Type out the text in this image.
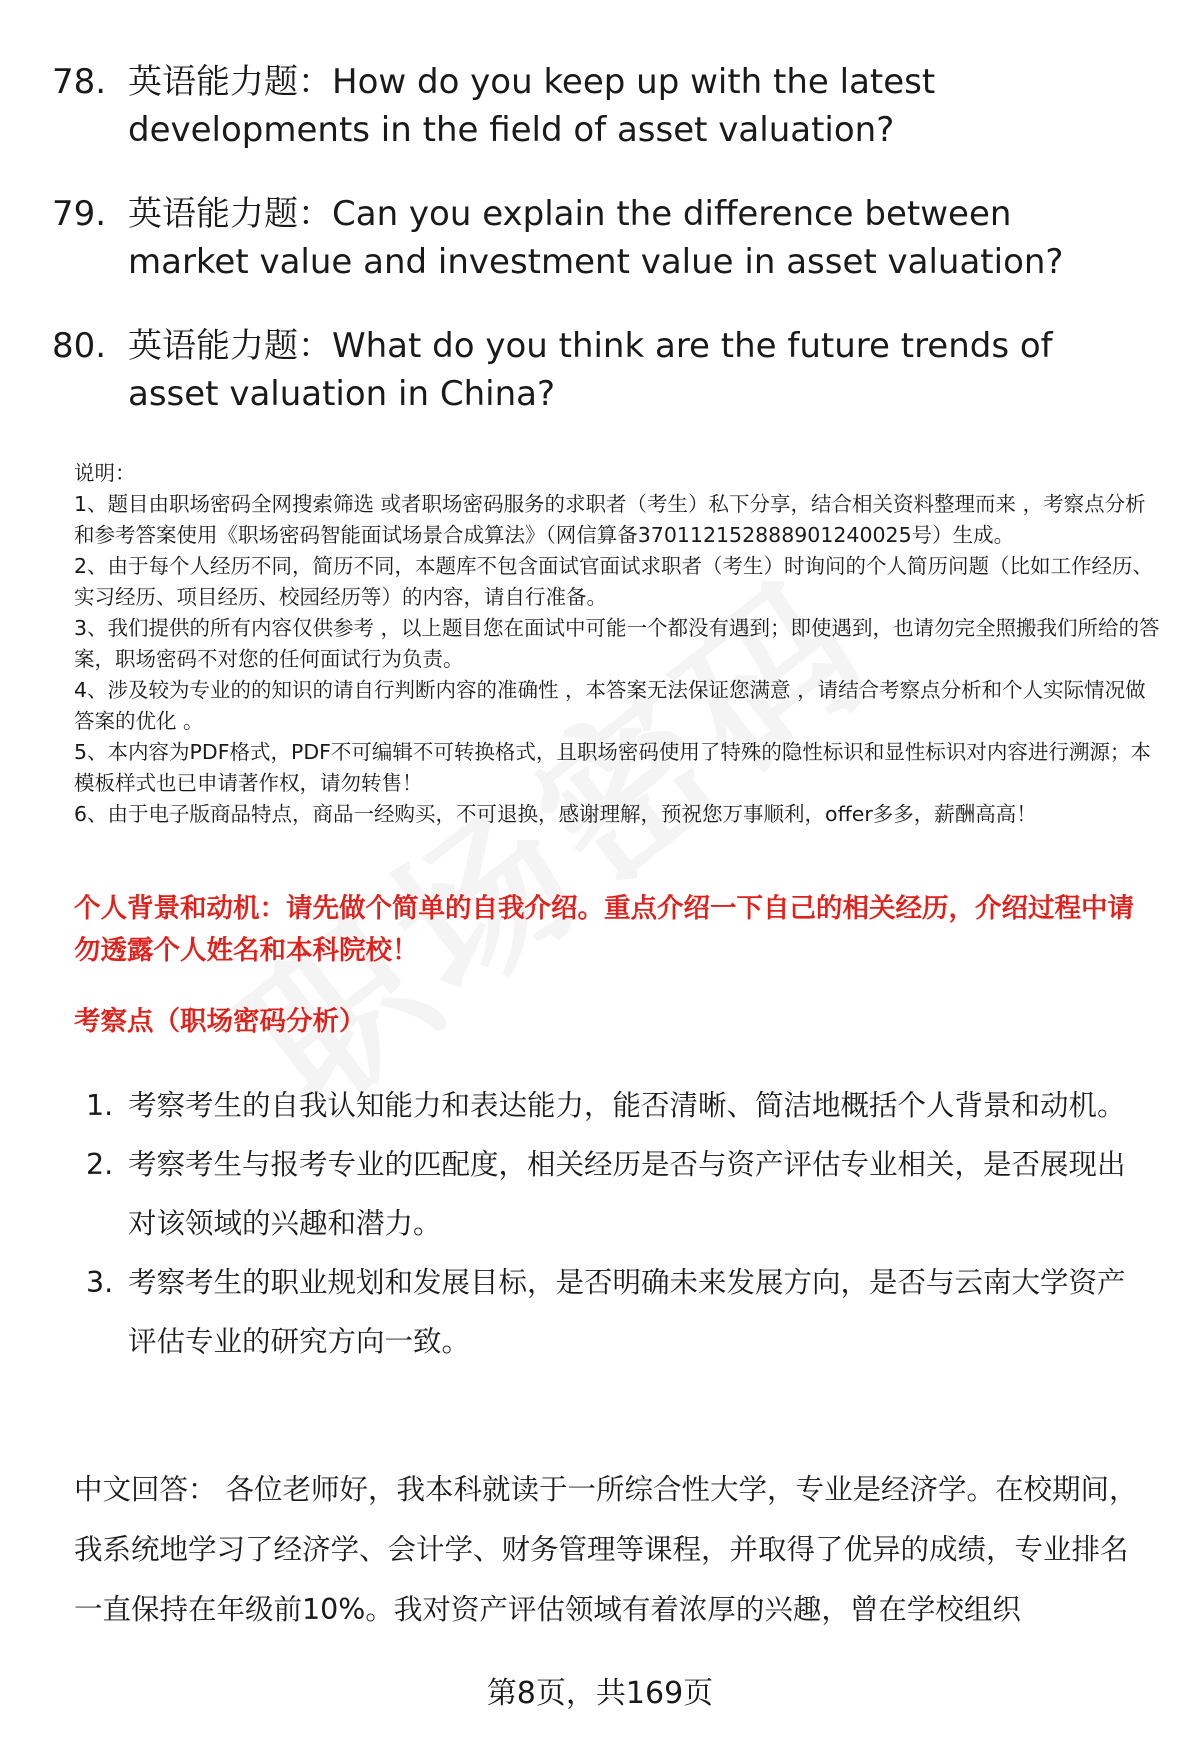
78. 英语能力题：How do you keep up with the latest developments in the field of asset valuation?
79. 英语能力题：Can you explain the difference between market value and investment value in asset valuation?
80. 英语能力题：What do you think are the future trends of asset valuation in China?

说明：

1、题目由职场密码全网搜索筛选 或者职场密码服务的求职者（考生）私下分享，结合相关资料整理而来 ，考察点分析和参考答案使用《职场密码智能面试场景合成算法》（网信算备370112152888901240025号）生成。

2、由于每个人经历不同，简历不同，本题库不包含面试官面试求职者（考生）时询问的个人简历问题（比如工作经历、实习经历、项目经历、校园经历等）的内容，请自行准备。

3、我们提供的所有内容仅供参考 ，以上题目您在面试中可能一个都没有遇到；即使遇到，也请勿完全照搬我们所给的答案，职场密码不对您的任何面试行为负责。

4、涉及较为专业的的知识的请自行判断内容的准确性 ，本答案无法保证您满意 ，请结合考察点分析和个人实际情况做答案的优化 。

5、本内容为PDF格式，PDF不可编辑不可转换格式，且职场密码使用了特殊的隐性标识和显性标识对内容进行溯源；本模板样式也已申请著作权，请勿转售！

6、由于电子版商品特点，商品一经购买，不可退换，感谢理解，预祝您万事顺利，offer多多，薪酬高高！

个人背景和动机：请先做个简单的自我介绍。重点介绍一下自己的相关经历，介绍过程中请勿透露个人姓名和本科院校！
考察点（职场密码分析）
1. 考察考生的自我认知能力和表达能力，能否清晰、简洁地概括个人背景和动机。
2. 考察考生与报考专业的匹配度，相关经历是否与资产评估专业相关，是否展现出对该领域的兴趣和潜力。
3. 考察考生的职业规划和发展目标，是否明确未来发展方向，是否与云南大学资产评估专业的研究方向一致。
中文回答： 各位老师好，我本科就读于一所综合性大学，专业是经济学。在校期间，我系统地学习了经济学、会计学、财务管理等课程，并取得了优异的成绩，专业排名一直保持在年级前10%。我对资产评估领域有着浓厚的兴趣，曾在学校组织
第8页，共169页
